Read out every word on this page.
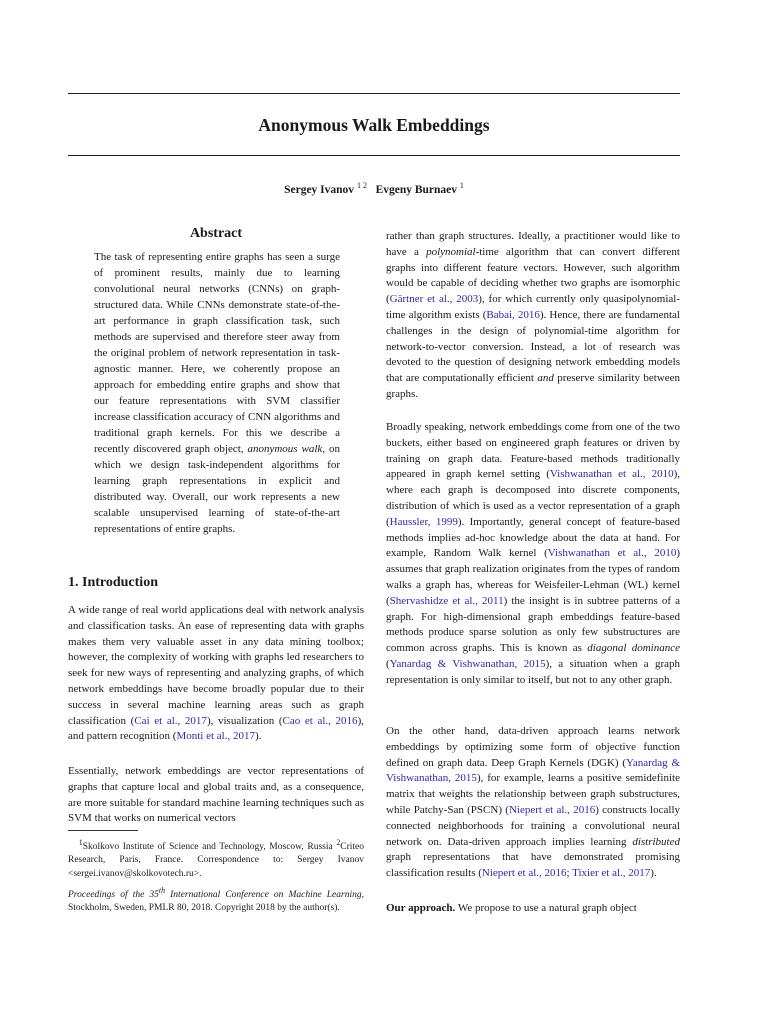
Anonymous Walk Embeddings
Sergey Ivanov $^{1 2}$ Evgeny Burnaev $^1$
Abstract

The task of representing entire graphs has seen a surge of prominent results, mainly due to learning convolutional neural networks (CNNs) on graph-structured data. While CNNs demonstrate state-of-the-art performance in graph classification task, such methods are supervised and therefore steer away from the original problem of network representation in task-agnostic manner. Here, we coherently propose an approach for embedding entire graphs and show that our feature representations with SVM classifier increase classification accuracy of CNN algorithms and traditional graph kernels. For this we describe a recently discovered graph object, anonymous walk, on which we design task-independent algorithms for learning graph representations in explicit and distributed way. Overall, our work represents a new scalable unsupervised learning of state-of-the-art representations of entire graphs.

1. Introduction

A wide range of real world applications deal with network analysis and classification tasks. An ease of representing data with graphs makes them very valuable asset in any data mining toolbox; however, the complexity of working with graphs led researchers to seek for new ways of representing and analyzing graphs, of which network embeddings have become broadly popular due to their success in several machine learning areas such as graph classification (Cai et al., 2017), visualization (Cao et al., 2016), and pattern recognition (Monti et al., 2017).

Essentially, network embeddings are vector representations of graphs that capture local and global traits and, as a consequence, are more suitable for standard machine learning techniques such as SVM that works on numerical vectors

$^1$Skolkovo Institute of Science and Technology, Moscow, Russia $^2$Criteo Research, Paris, France. Correspondence to: Sergey Ivanov <sergei.ivanov@skolkovotech.ru>.

Proceedings of the 35th International Conference on Machine Learning, Stockholm, Sweden, PMLR 80, 2018. Copyright 2018 by the author(s).

rather than graph structures. Ideally, a practitioner would like to have a polynomial-time algorithm that can convert different graphs into different feature vectors. However, such algorithm would be capable of deciding whether two graphs are isomorphic (Gärtner et al., 2003), for which currently only quasipolynomial-time algorithm exists (Babai, 2016). Hence, there are fundamental challenges in the design of polynomial-time algorithm for network-to-vector conversion. Instead, a lot of research was devoted to the question of designing network embedding models that are computationally efficient and preserve similarity between graphs.

Broadly speaking, network embeddings come from one of the two buckets, either based on engineered graph features or driven by training on graph data. Feature-based methods traditionally appeared in graph kernel setting (Vishwanathan et al., 2010), where each graph is decomposed into discrete components, distribution of which is used as a vector representation of a graph (Haussler, 1999). Importantly, general concept of feature-based methods implies ad-hoc knowledge about the data at hand. For example, Random Walk kernel (Vishwanathan et al., 2010) assumes that graph realization originates from the types of random walks a graph has, whereas for Weisfeiler-Lehman (WL) kernel (Shervashidze et al., 2011) the insight is in subtree patterns of a graph. For high-dimensional graph embeddings feature-based methods produce sparse solution as only few substructures are common across graphs. This is known as diagonal dominance (Yanardag & Vishwanathan, 2015), a situation when a graph representation is only similar to itself, but not to any other graph.

On the other hand, data-driven approach learns network embeddings by optimizing some form of objective function defined on graph data. Deep Graph Kernels (DGK) (Yanardag & Vishwanathan, 2015), for example, learns a positive semidefinite matrix that weights the relationship between graph substructures, while Patchy-San (PSCN) (Niepert et al., 2016) constructs locally connected neighborhoods for training a convolutional neural network on. Data-driven approach implies learning distributed graph representations that have demonstrated promising classification results (Niepert et al., 2016; Tixier et al., 2017).

Our approach. We propose to use a natural graph object
